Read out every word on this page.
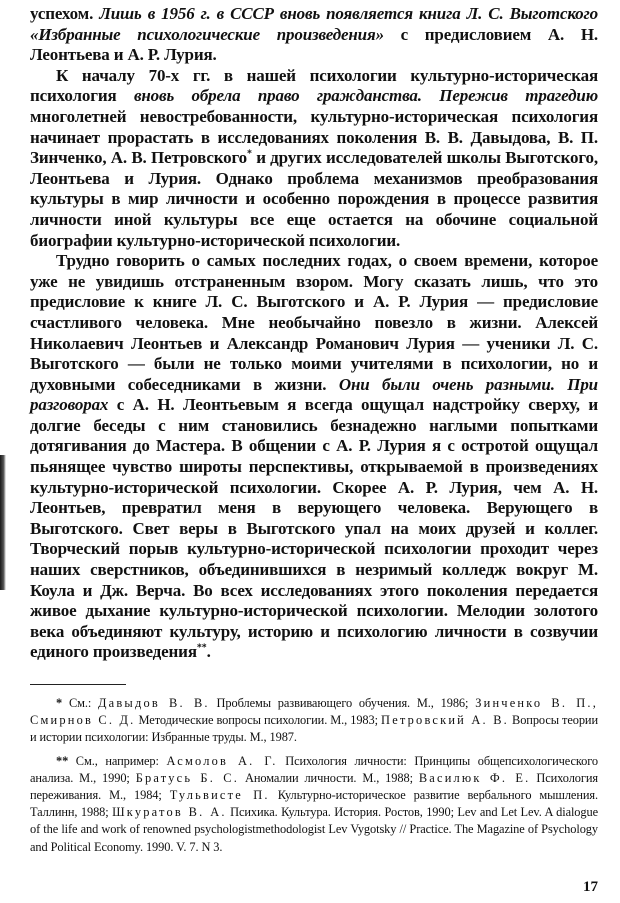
успехом. Лишь в 1956 г. в СССР вновь появляется книга Л. С. Выготского «Избранные психологические произведения» с предисловием А. Н. Леонтьева и А. Р. Лурия.

К началу 70-х гг. в нашей психологии культурно-историческая психология вновь обрела право гражданства. Пережив трагедию многолетней невостребованности, культурно-историческая психология начинает прорастать в исследованиях поколения В. В. Давыдова, В. П. Зинченко, А. В. Петровского* и других исследователей школы Выготского, Леонтьева и Лурия. Однако проблема механизмов преобразования культуры в мир личности и особенно порождения в процессе развития личности иной культуры все еще остается на обочине социальной биографии культурно-исторической психологии.

Трудно говорить о самых последних годах, о своем времени, которое уже не увидишь отстраненным взором. Могу сказать лишь, что это предисловие к книге Л. С. Выготского и А. Р. Лурия — предисловие счастливого человека. Мне необычайно повезло в жизни. Алексей Николаевич Леонтьев и Александр Романович Лурия — ученики Л. С. Выготского — были не только моими учителями в психологии, но и духовными собеседниками в жизни. Они были очень разными. При разговорах с А. Н. Леонтьевым я всегда ощущал надстройку сверху, и долгие беседы с ним становились безнадежно наглыми попытками дотягивания до Мастера. В общении с А. Р. Лурия я с остротой ощущал пьянящее чувство широты перспективы, открываемой в произведениях культурно-исторической психологии. Скорее А. Р. Лурия, чем А. Н. Леонтьев, превратил меня в верующего человека. Верующего в Выготского. Свет веры в Выготского упал на моих друзей и коллег. Творческий порыв культурно-исторической психологии проходит через наших сверстников, объединившихся в незримый колледж вокруг М. Коула и Дж. Верча. Во всех исследованиях этого поколения передается живое дыхание культурно-исторической психологии. Мелодии золотого века объединяют культуру, историю и психологию личности в созвучии единого произведения**.

* См.: Давыдов В. В. Проблемы развивающего обучения. М., 1986; Зинченко В. П., Смирнов С. Д. Методические вопросы психологии. М., 1983; Петровский А. В. Вопросы теории и истории психологии: Избранные труды. М., 1987.

** См., например: Асмолов А. Г. Психология личности: Принципы общепсихологического анализа. М., 1990; Братусь Б. С. Аномалии личности. М., 1988; Василюк Ф. Е. Психология переживания. М., 1984; Тульвисте П. Культурно-историческое развитие вербального мышления. Таллинн, 1988; Шкуратов В. А. Психика. Культура. История. Ростов, 1990; Lev and Let Lev. A dialogue of the life and work of renowned psychologistmethodologist Lev Vygotsky // Practice. The Magazine of Psychology and Political Economy. 1990. V. 7. N 3.

17
